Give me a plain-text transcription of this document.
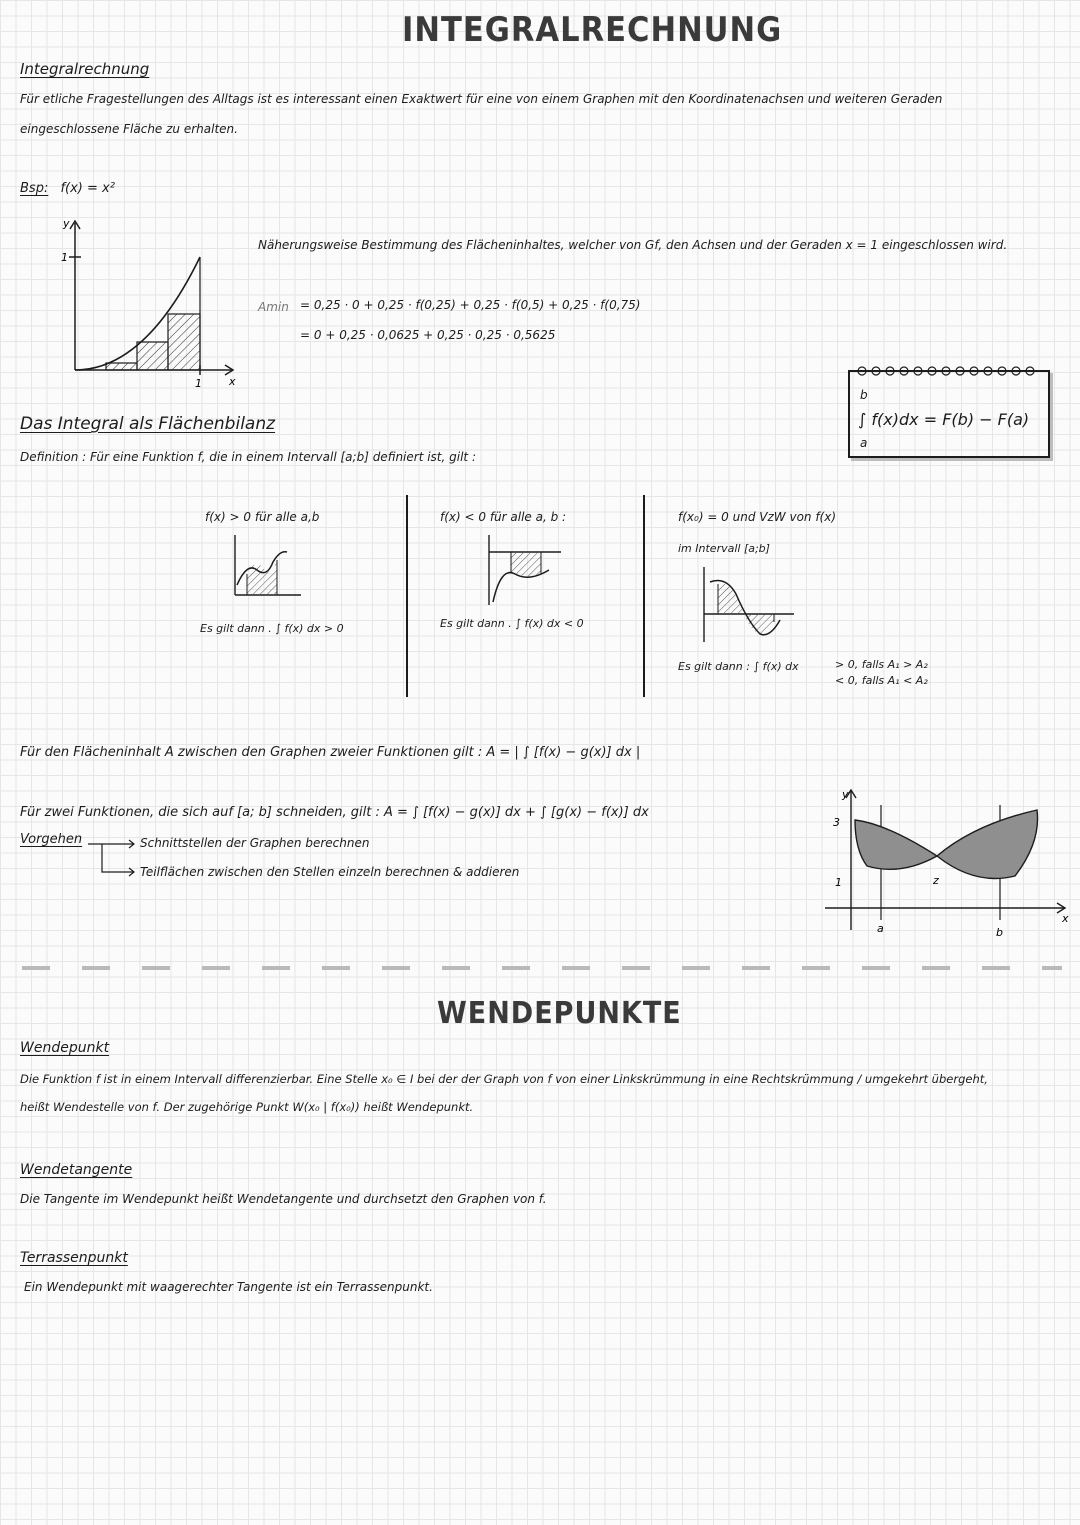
INTEGRALRECHNUNG
Integralrechnung
Für etliche Fragestellungen des Alltags ist es interessant einen Exaktwert für eine von einem Graphen mit den Koordinatenachsen und weiteren Geraden
eingeschlossene Fläche zu erhalten.
Bsp: f(x) = x²
1
1
y
x
Näherungsweise Bestimmung des Flächeninhaltes, welcher von Gf, den Achsen und der Geraden x = 1 eingeschlossen wird.
Amin = 0,25 · 0 + 0,25 · f(0,25) + 0,25 · f(0,5) + 0,25 · f(0,75)
= 0 + 0,25 · 0,0625 + 0,25 · 0,25 · 0,5625
b
∫ f(x)dx = F(b) − F(a)
a
Das Integral als Flächenbilanz
Definition : Für eine Funktion f, die in einem Intervall [a;b] definiert ist, gilt :
f(x) > 0 für alle a,b
Es gilt dann . ∫ f(x) dx > 0
f(x) < 0 für alle a, b :
Es gilt dann . ∫ f(x) dx < 0
f(x₀) = 0 und VzW von f(x)
im Intervall [a;b]
Es gilt dann : ∫ f(x) dx	> 0, falls A₁ > A₂
< 0, falls A₁ < A₂
Für den Flächeninhalt A zwischen den Graphen zweier Funktionen gilt : A = | ∫ [f(x) − g(x)] dx |
Für zwei Funktionen, die sich auf [a; b] schneiden, gilt : A = ∫ [f(x) − g(x)] dx + ∫ [g(x) − f(x)] dx
Vorgehen	Schnittstellen der Graphen berechnen
Teilflächen zwischen den Stellen einzeln berechnen & addieren
3
1
a	b
z
x
y
WENDEPUNKTE
Wendepunkt
Die Funktion f ist in einem Intervall differenzierbar. Eine Stelle x₀ ∈ I bei der der Graph von f von einer Linkskrümmung in eine Rechtskrümmung / umgekehrt übergeht,
heißt Wendestelle von f. Der zugehörige Punkt W(x₀ | f(x₀)) heißt Wendepunkt.
Wendetangente
Die Tangente im Wendepunkt heißt Wendetangente und durchsetzt den Graphen von f.
Terrassenpunkt
Ein Wendepunkt mit waagerechter Tangente ist ein Terrassenpunkt.
